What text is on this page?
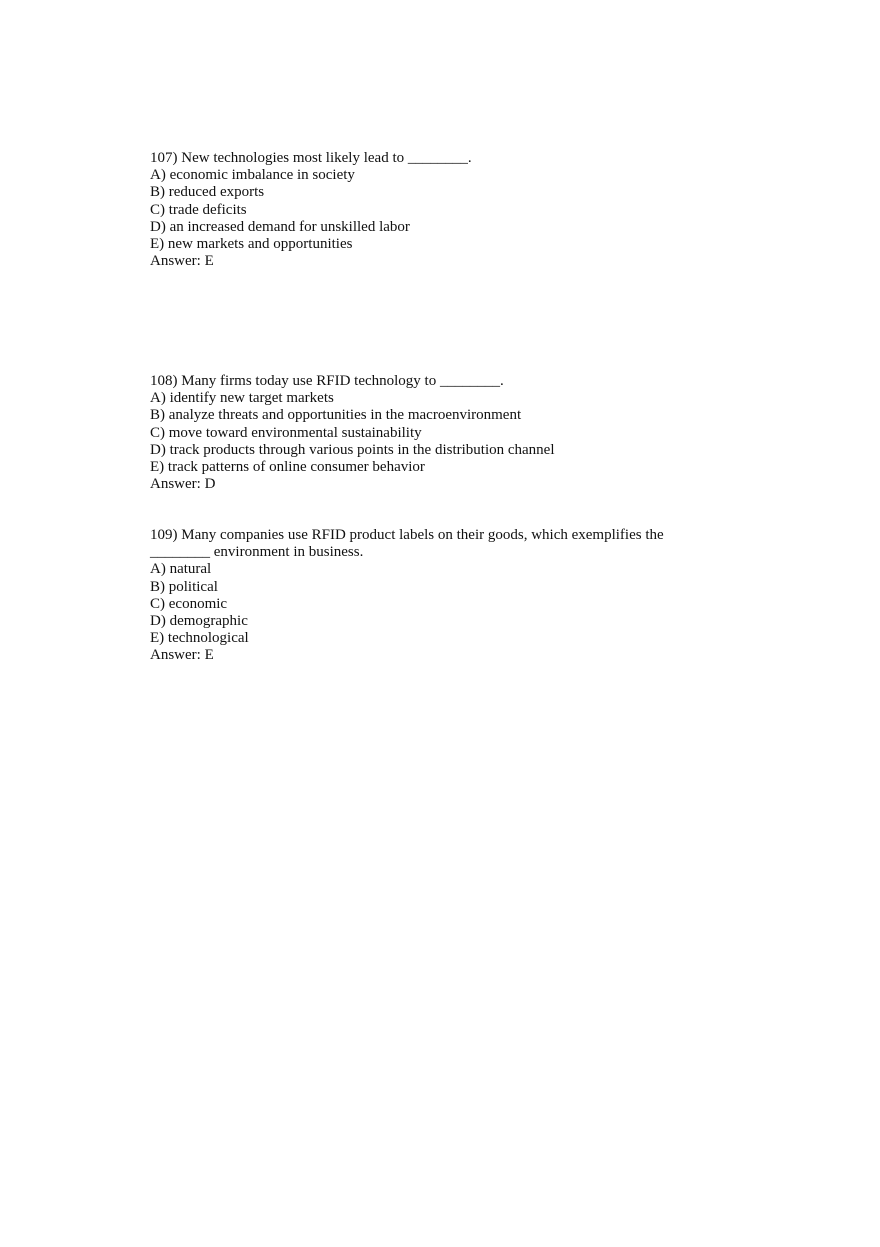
107) New technologies most likely lead to ________.
A) economic imbalance in society
B) reduced exports
C) trade deficits
D) an increased demand for unskilled labor
E) new markets and opportunities
Answer: E
108) Many firms today use RFID technology to ________.
A) identify new target markets
B) analyze threats and opportunities in the macroenvironment
C) move toward environmental sustainability
D) track products through various points in the distribution channel
E) track patterns of online consumer behavior
Answer: D
109) Many companies use RFID product labels on their goods, which exemplifies the
________ environment in business.
A) natural
B) political
C) economic
D) demographic
E) technological
Answer: E
